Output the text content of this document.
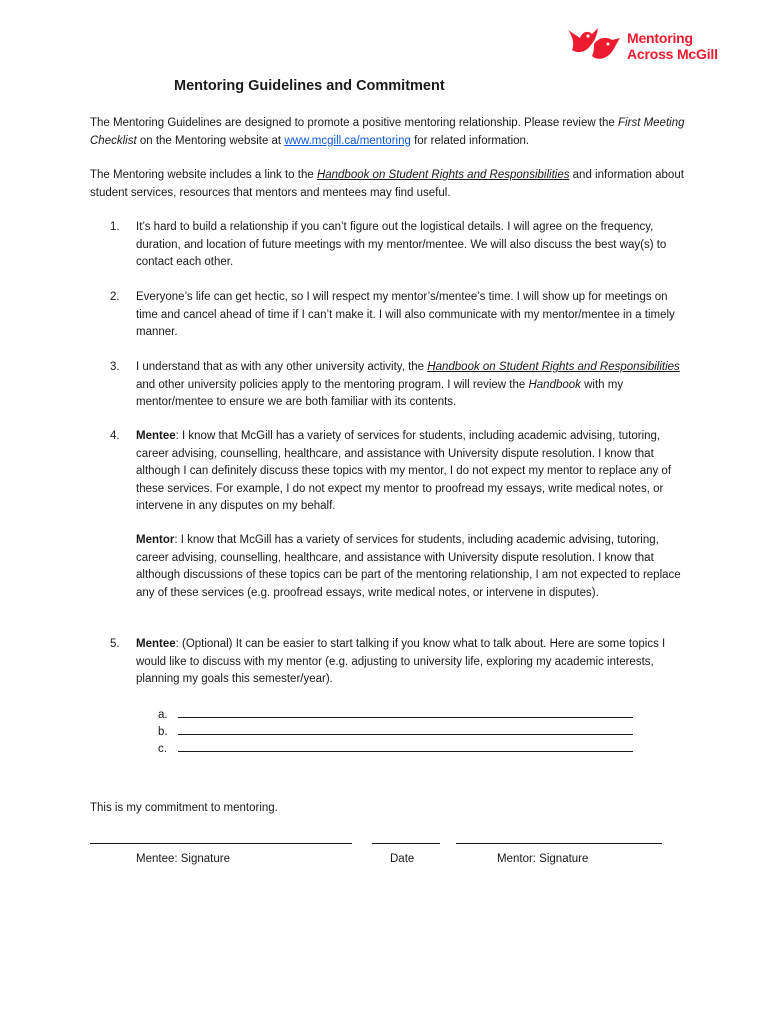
Mentoring
Across McGill
Mentoring Guidelines and Commitment
The Mentoring Guidelines are designed to promote a positive mentoring relationship. Please review the First Meeting Checklist on the Mentoring website at www.mcgill.ca/mentoring for related information.
The Mentoring website includes a link to the Handbook on Student Rights and Responsibilities and information about student services, resources that mentors and mentees may find useful.
1.	It’s hard to build a relationship if you can’t figure out the logistical details. I will agree on the frequency, duration, and location of future meetings with my mentor/mentee. We will also discuss the best way(s) to contact each other.
2.	Everyone’s life can get hectic, so I will respect my mentor’s/mentee’s time. I will show up for meetings on time and cancel ahead of time if I can’t make it. I will also communicate with my mentor/mentee in a timely manner.
3.	I understand that as with any other university activity, the Handbook on Student Rights and Responsibilities and other university policies apply to the mentoring program. I will review the Handbook with my mentor/mentee to ensure we are both familiar with its contents.
4.	Mentee: I know that McGill has a variety of services for students, including academic advising, tutoring, career advising, counselling, healthcare, and assistance with University dispute resolution. I know that although I can definitely discuss these topics with my mentor, I do not expect my mentor to replace any of these services. For example, I do not expect my mentor to proofread my essays, write medical notes, or intervene in any disputes on my behalf.
Mentor: I know that McGill has a variety of services for students, including academic advising, tutoring, career advising, counselling, healthcare, and assistance with University dispute resolution. I know that although discussions of these topics can be part of the mentoring relationship, I am not expected to replace any of these services (e.g. proofread essays, write medical notes, or intervene in disputes).
5.	Mentee: (Optional) It can be easier to start talking if you know what to talk about. Here are some topics I would like to discuss with my mentor (e.g. adjusting to university life, exploring my academic interests, planning my goals this semester/year).
a.
b.
c.
This is my commitment to mentoring.
Mentee: Signature	Date	Mentor: Signature
